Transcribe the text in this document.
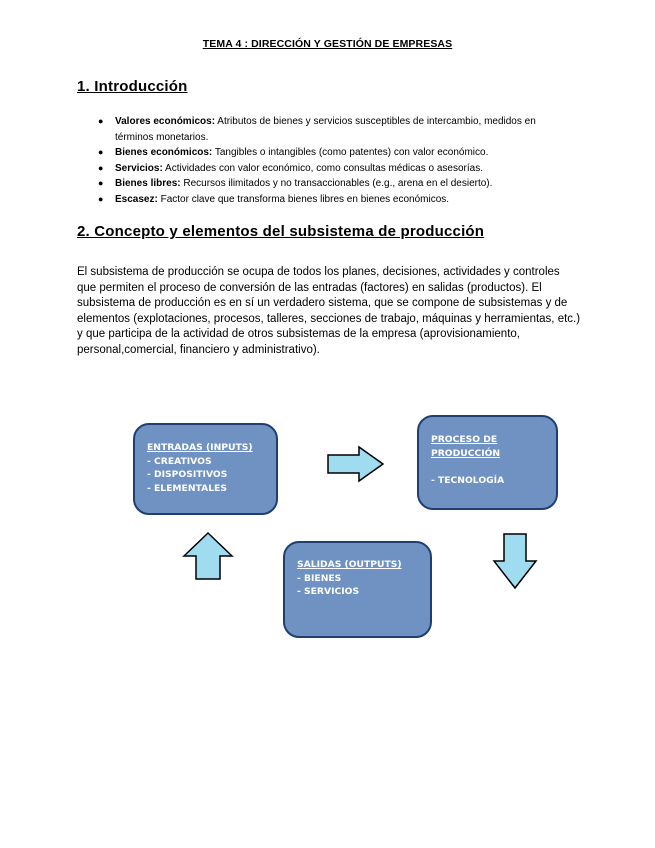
TEMA 4 : DIRECCIÓN Y GESTIÓN DE EMPRESAS
1. Introducción
● Valores económicos: Atributos de bienes y servicios susceptibles de intercambio, medidos en términos monetarios.
● Bienes económicos: Tangibles o intangibles (como patentes) con valor económico.
● Servicios: Actividades con valor económico, como consultas médicas o asesorías.
● Bienes libres: Recursos ilimitados y no transaccionables (e.g., arena en el desierto).
● Escasez: Factor clave que transforma bienes libres en bienes económicos.
2. Concepto y elementos del subsistema de producción

El subsistema de producción se ocupa de todos los planes, decisiones, actividades y controles que permiten el proceso de conversión de las entradas (factores) en salidas (productos). El subsistema de producción es en sí un verdadero sistema, que se compone de subsistemas y de elementos (explotaciones, procesos, talleres, secciones de trabajo, máquinas y herramientas, etc.) y que participa de la actividad de otros subsistemas de la empresa (aprovisionamiento, personal,comercial, financiero y administrativo).

ENTRADAS (INPUTS)
- CREATIVOS
- DISPOSITIVOS
- ELEMENTALES
PROCESO DE
PRODUCCIÓN
- TECNOLOGÍA
SALIDAS (OUTPUTS)
- BIENES
- SERVICIOS
